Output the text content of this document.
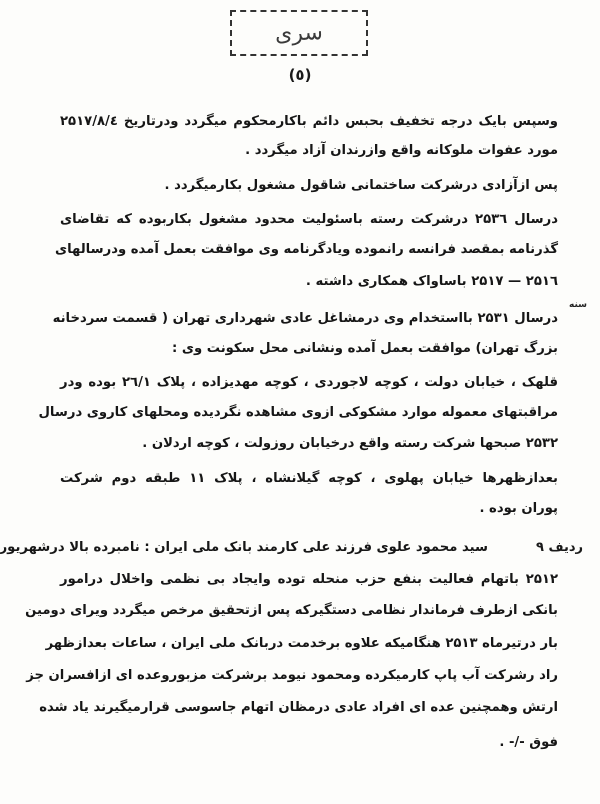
سری
(٥)
سنه
ردیف ۹
وسپس بایک درجه تخفیف بحبس دائم باکارمحکوم میگردد ودرتاریخ ۲۵۱۷/۸/٤
مورد عفوات ملوکانه واقع وازرندان آزاد میگردد .
پس ازآزادی درشرکت ساختمانی شاقول مشغول بکارمیگردد .
درسال ۲۵۳٦ درشرکت رسته باسئولیت محدود مشغول بکاربوده که تقاضای
گذرنامه بمقصد فرانسه رانموده ویادگرنامه وی موافقت بعمل آمده ودرسالهای
۲۵۱٦ — ۲۵۱۷ باساواک همکاری داشته .
درسال ۲۵۳۱ بااستخدام وی درمشاغل عادی شهرداری تهران ( قسمت سردخانه
بزرگ تهران) موافقت بعمل آمده ونشانی محل سکونت وی :
قلهک ، خیابان دولت ، کوچه لاجوردی ، کوچه مهدیزاده ، پلاک ۲٦/۱ بوده ودر
مراقبتهای معموله موارد مشکوکی ازوی مشاهده نگردیده ومحلهای کاروی درسال
۲۵۳۲ صبحها شرکت رسته واقع درخیابان روزولت ، کوچه اردلان .
بعدازظهرها خیابان پهلوی ، کوچه گیلانشاه ، پلاک ۱۱ طبقه دوم شرکت
پوران بوده .
سید محمود علوی فرزند علی کارمند بانک ملی ایران : نامبرده بالا درشهریور
۲۵۱۲ باتهام فعالیت بنفع حزب منحله توده وایجاد بی نظمی واخلال درامور
بانکی ازطرف فرماندار نظامی دستگیرکه پس ازتحقیق مرخص میگردد ویرای دومین
بار درتیرماه ۲۵۱۳ هنگامیکه علاوه برخدمت دربانک ملی ایران ، ساعات بعدازظهر
راد رشرکت آب پاپ کارمیکرده ومحمود نیومد برشرکت مزبوروعده ای ازافسران جز
ارتش وهمچنین عده ای افراد عادی درمظان اتهام جاسوسی قرارمیگیرند یاد شده
فوق -/- .
